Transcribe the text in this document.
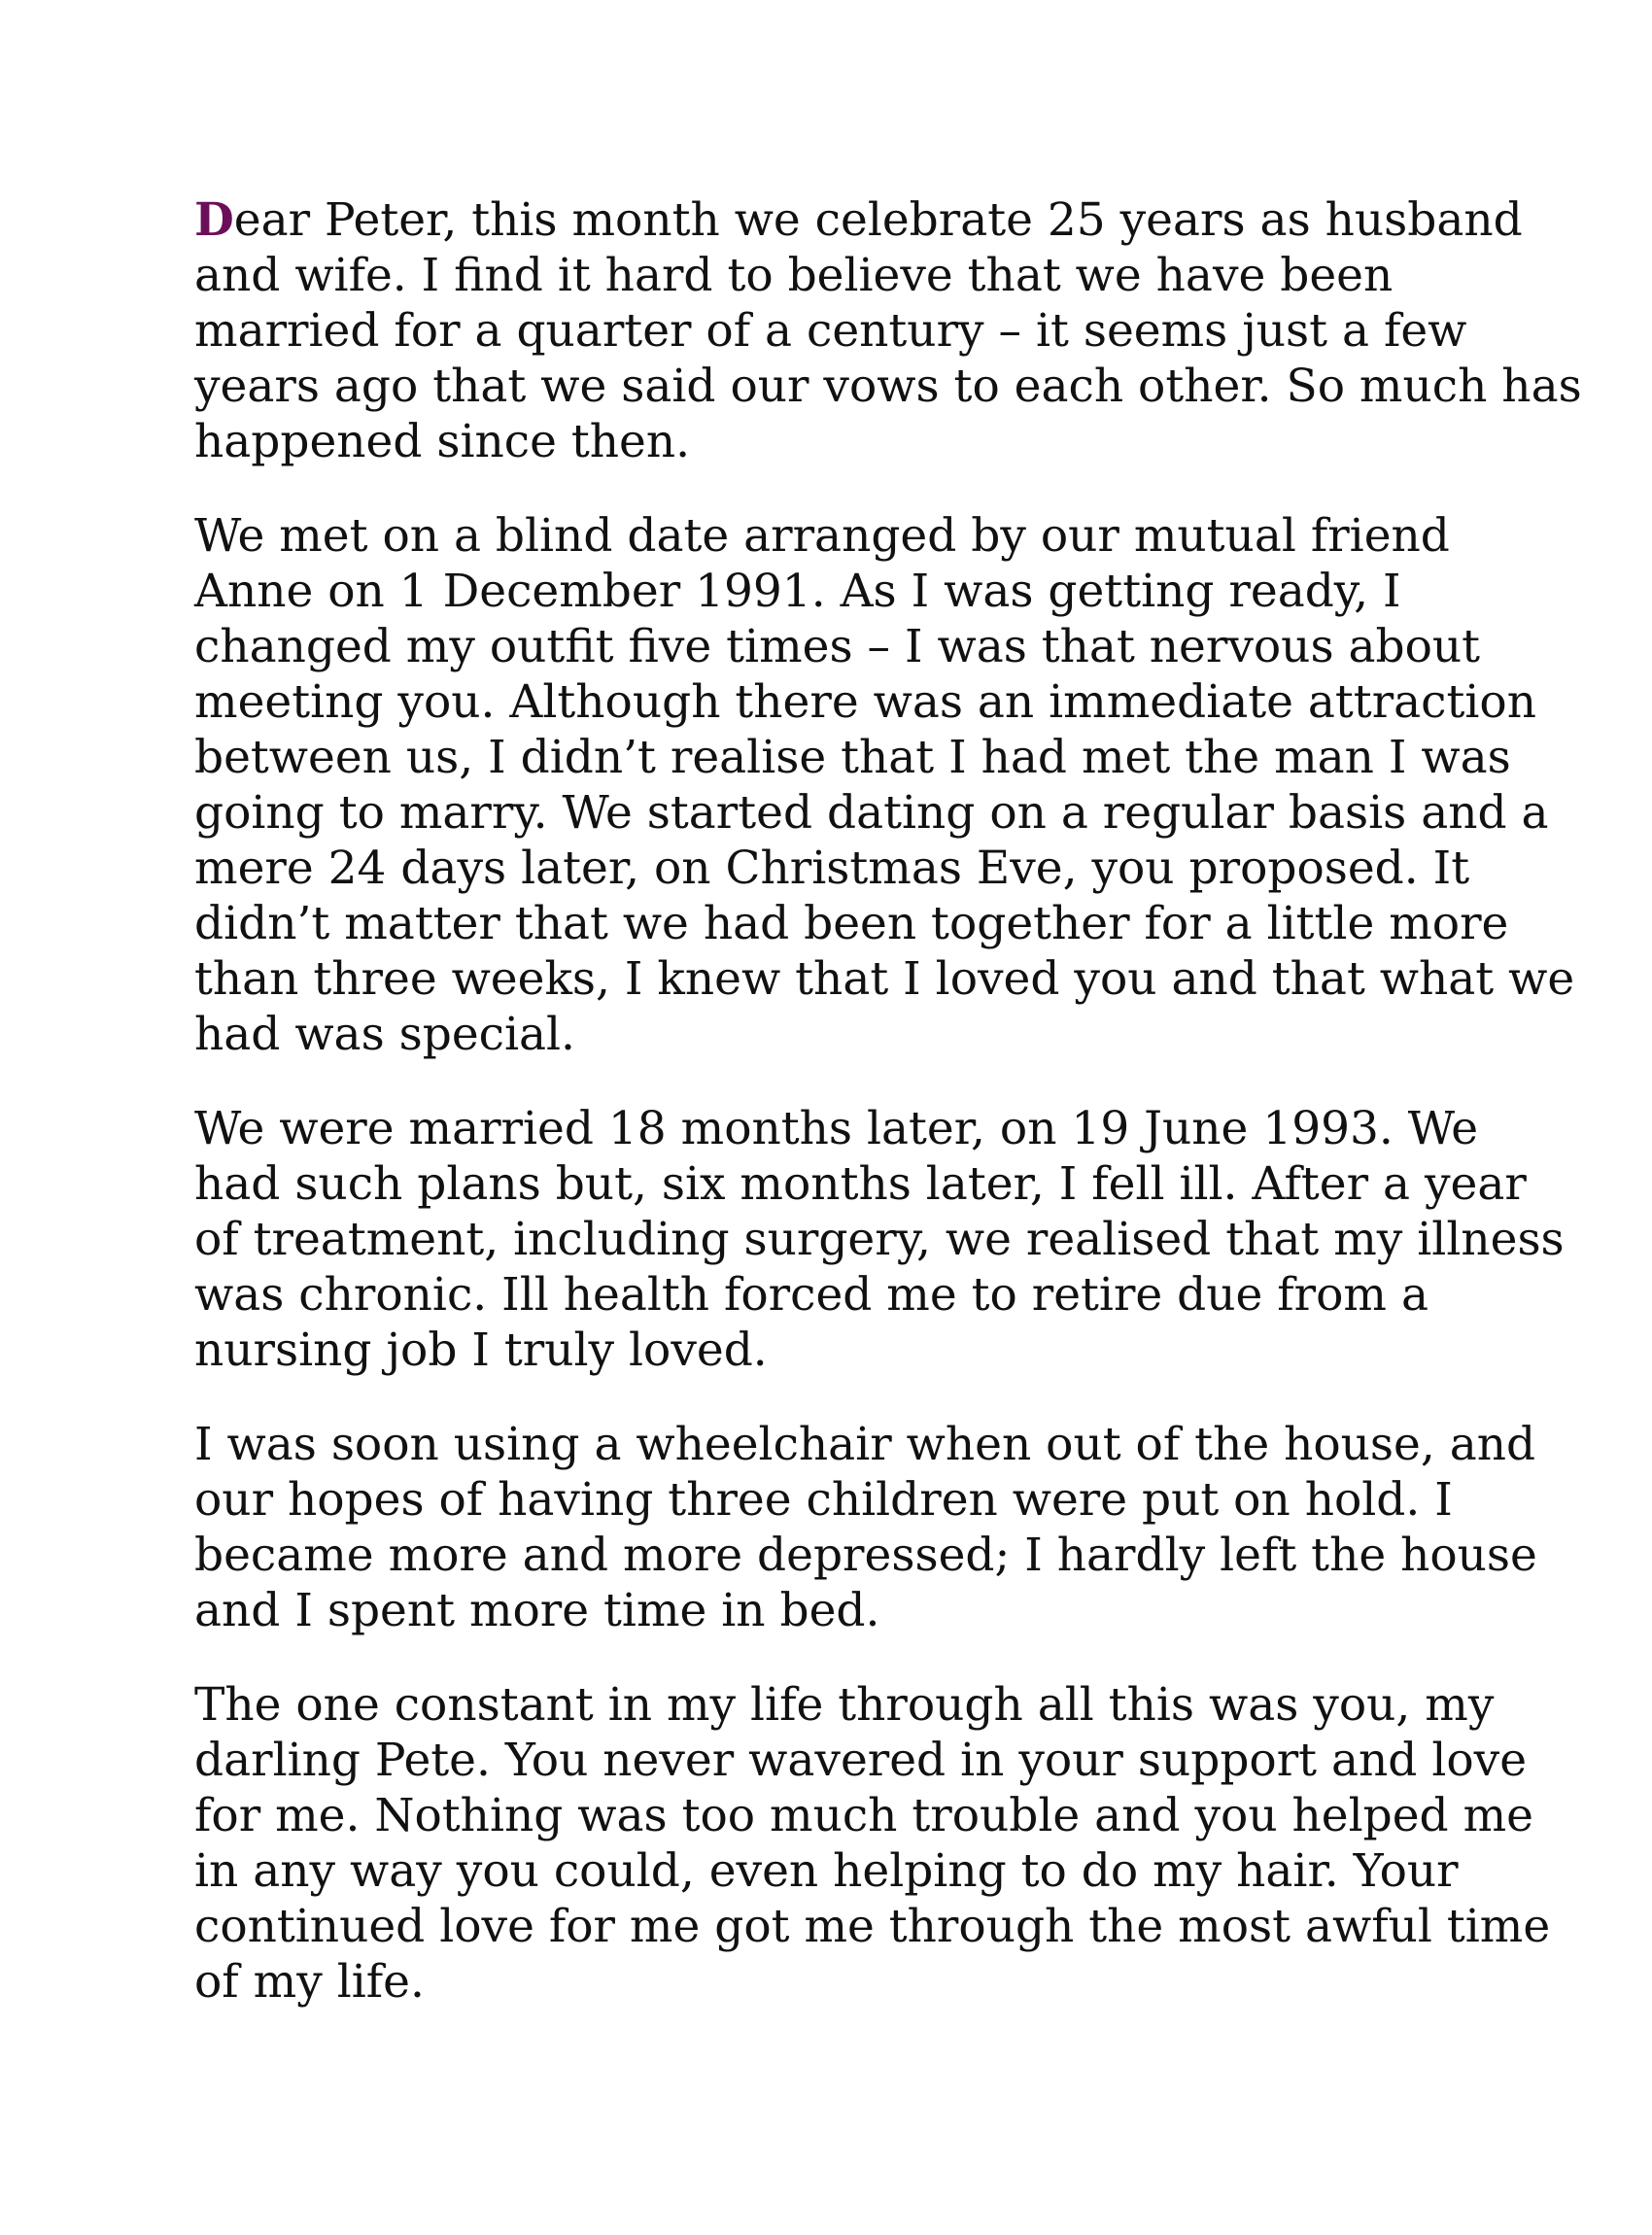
Dear Peter, this month we celebrate 25 years as husband
and wife. I find it hard to believe that we have been
married for a quarter of a century – it seems just a few
years ago that we said our vows to each other. So much has
happened since then.

We met on a blind date arranged by our mutual friend
Anne on 1 December 1991. As I was getting ready, I
changed my outfit five times – I was that nervous about
meeting you. Although there was an immediate attraction
between us, I didn’t realise that I had met the man I was
going to marry. We started dating on a regular basis and a
mere 24 days later, on Christmas Eve, you proposed. It
didn’t matter that we had been together for a little more
than three weeks, I knew that I loved you and that what we
had was special.

We were married 18 months later, on 19 June 1993. We
had such plans but, six months later, I fell ill. After a year
of treatment, including surgery, we realised that my illness
was chronic. Ill health forced me to retire due from a
nursing job I truly loved.

I was soon using a wheelchair when out of the house, and
our hopes of having three children were put on hold. I
became more and more depressed; I hardly left the house
and I spent more time in bed.

The one constant in my life through all this was you, my
darling Pete. You never wavered in your support and love
for me. Nothing was too much trouble and you helped me
in any way you could, even helping to do my hair. Your
continued love for me got me through the most awful time
of my life.
